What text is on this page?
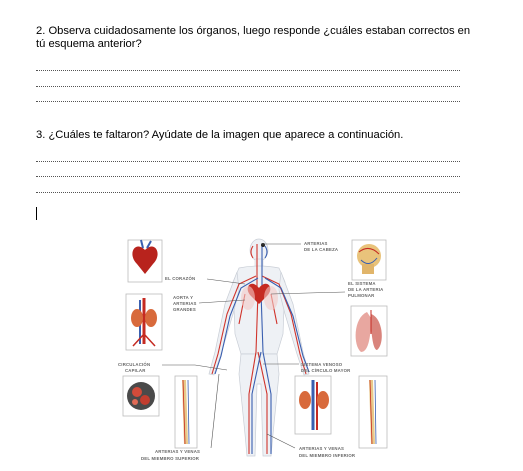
2. Observa cuidadosamente los órganos, luego responde ¿cuáles estaban correctos en tú esquema anterior?

3. ¿Cuáles te faltaron? Ayúdate de la imagen que aparece a continuación.

ARTERIAS DE LA CABEZA
EL CORAZÓN
AORTA Y ARTERIAS GRANDES
EL SISTEMA DE LA ARTERIA PULMONAR
CIRCULACIÓN CAPILAR
SISTEMA VENOSO DEL CÍRCULO MAYOR
ARTERIAS Y VENAS DEL MIEMBRO SUPERIOR
ARTERIAS Y VENAS DEL MIEMBRO INFERIOR
